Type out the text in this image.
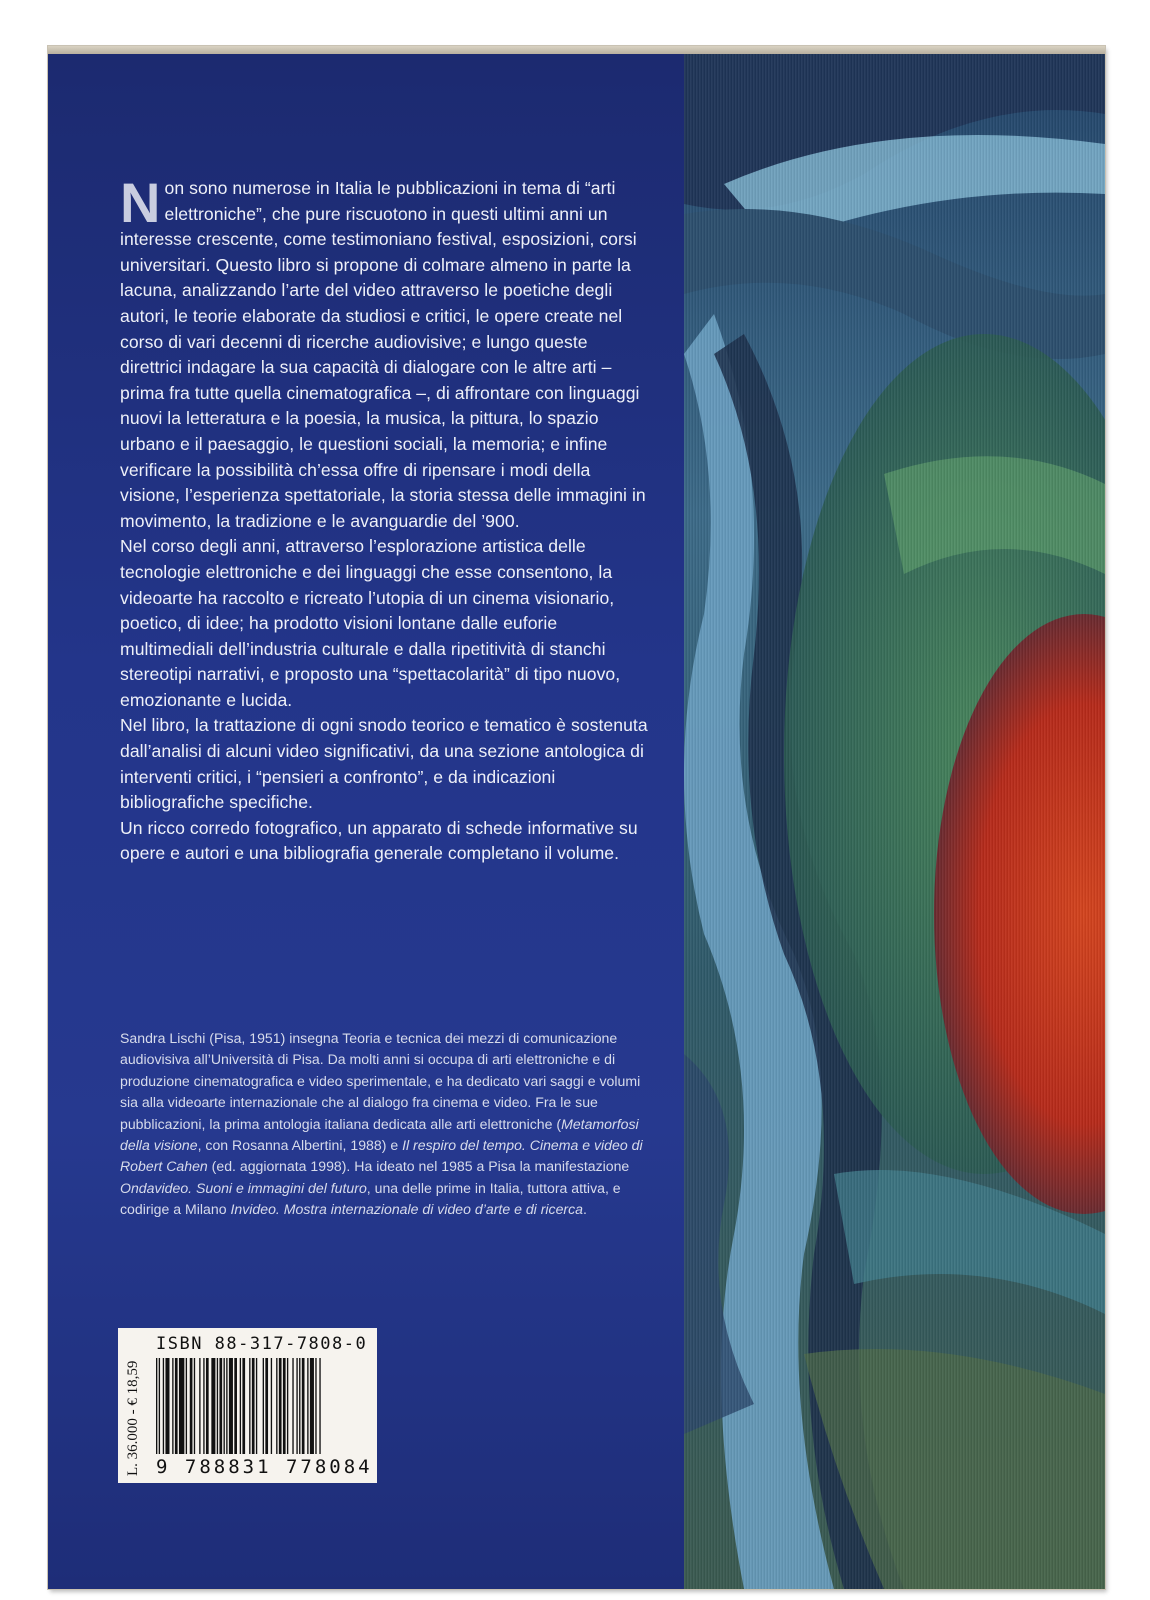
N on sono numerose in Italia le pubblicazioni in tema di “arti elettroniche”, che pure riscuotono in questi ultimi anni un interesse crescente, come testimoniano festival, esposizioni, corsi universitari. Questo libro si propone di colmare almeno in parte la lacuna, analizzando l’arte del video attraverso le poetiche degli autori, le teorie elaborate da studiosi e critici, le opere create nel corso di vari decenni di ricerche audiovisive; e lungo queste direttrici indagare la sua capacità di dialogare con le altre arti – prima fra tutte quella cinematografica –, di affrontare con linguaggi nuovi la letteratura e la poesia, la musica, la pittura, lo spazio urbano e il paesaggio, le questioni sociali, la memoria; e infine verificare la possibilità ch’essa offre di ripensare i modi della visione, l’esperienza spettatoriale, la storia stessa delle immagini in movimento, la tradizione e le avanguardie del ’900.

Nel corso degli anni, attraverso l’esplorazione artistica delle tecnologie elettroniche e dei linguaggi che esse consentono, la videoarte ha raccolto e ricreato l’utopia di un cinema visionario, poetico, di idee; ha prodotto visioni lontane dalle euforie multimediali dell’industria culturale e dalla ripetitività di stanchi stereotipi narrativi, e proposto una “spettacolarità” di tipo nuovo, emozionante e lucida.

Nel libro, la trattazione di ogni snodo teorico e tematico è sostenuta dall’analisi di alcuni video significativi, da una sezione antologica di interventi critici, i “pensieri a confronto”, e da indicazioni bibliografiche specifiche.

Un ricco corredo fotografico, un apparato di schede informative su opere e autori e una bibliografia generale completano il volume.

Sandra Lischi (Pisa, 1951) insegna Teoria e tecnica dei mezzi di comunicazione audiovisiva all’Università di Pisa. Da molti anni si occupa di arti elettroniche e di produzione cinematografica e video sperimentale, e ha dedicato vari saggi e volumi sia alla videoarte internazionale che al dialogo fra cinema e video. Fra le sue pubblicazioni, la prima antologia italiana dedicata alle arti elettroniche (Metamorfosi della visione, con Rosanna Albertini, 1988) e Il respiro del tempo. Cinema e video di Robert Cahen (ed. aggiornata 1998). Ha ideato nel 1985 a Pisa la manifestazione Ondavideo. Suoni e immagini del futuro, una delle prime in Italia, tuttora attiva, e codirige a Milano Invideo. Mostra internazionale di video d’arte e di ricerca.

L. 36.000 - € 18,59
ISBN 88-317-7808-0
9 788831 778084
